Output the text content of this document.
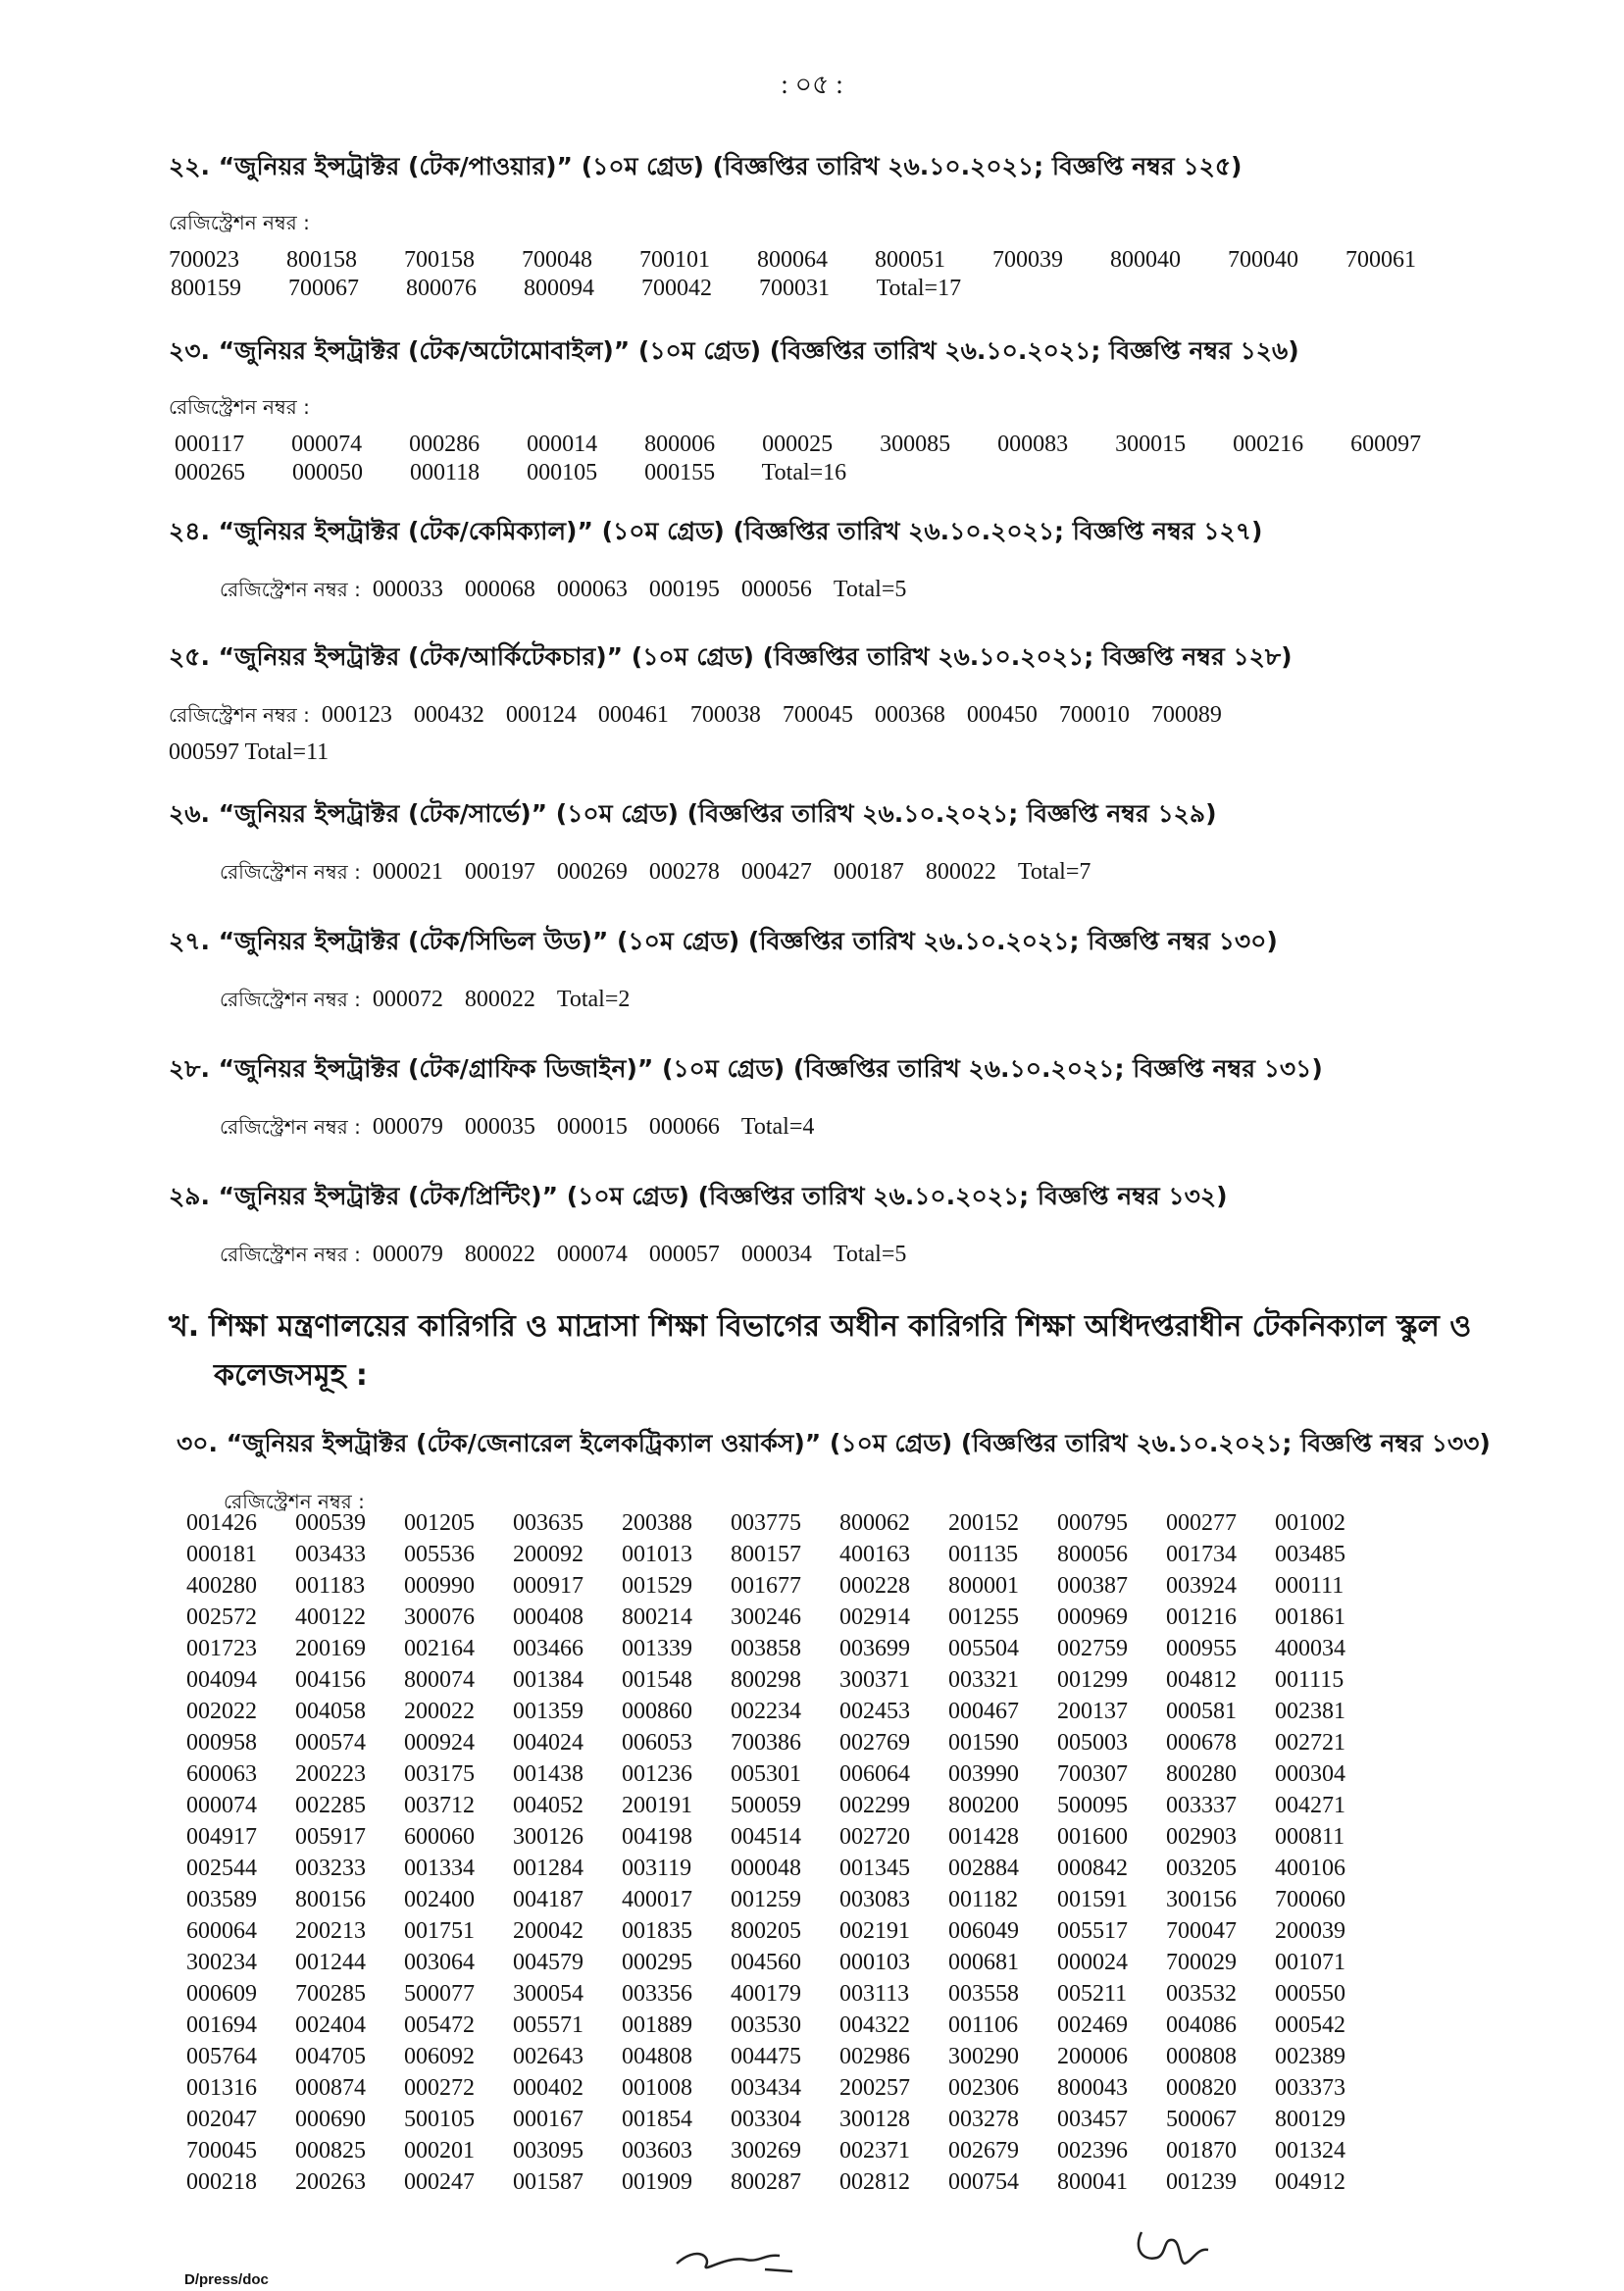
: ০৫ :
২২. “জুনিয়র ইন্সট্রাক্টর (টেক/পাওয়ার)” (১০ম গ্রেড) (বিজ্ঞপ্তির তারিখ ২৬.১০.২০২১; বিজ্ঞপ্তি নম্বর ১২৫)
রেজিস্ট্রেশন নম্বর :
700023  800158  700158  700048  700101  800064  800051  700039  800040  700040  700061
800159  700067  800076  800094  700042  700031  Total=17
২৩. “জুনিয়র ইন্সট্রাক্টর (টেক/অটোমোবাইল)” (১০ম গ্রেড) (বিজ্ঞপ্তির তারিখ ২৬.১০.২০২১; বিজ্ঞপ্তি নম্বর ১২৬)
রেজিস্ট্রেশন নম্বর :
000117  000074  000286  000014  800006  000025  300085  000083  300015  000216  600097
000265  000050  000118  000105  000155  Total=16
২৪. “জুনিয়র ইন্সট্রাক্টর (টেক/কেমিক্যাল)” (১০ম গ্রেড) (বিজ্ঞপ্তির তারিখ ২৬.১০.২০২১; বিজ্ঞপ্তি নম্বর ১২৭)
রেজিস্ট্রেশন নম্বর : 000033 000068 000063 000195 000056 Total=5
২৫. “জুনিয়র ইন্সট্রাক্টর (টেক/আর্কিটেকচার)” (১০ম গ্রেড) (বিজ্ঞপ্তির তারিখ ২৬.১০.২০২১; বিজ্ঞপ্তি নম্বর ১২৮)
রেজিস্ট্রেশন নম্বর : 000123 000432 000124 000461 700038 700045 000368 000450 700010 700089
000597 Total=11
২৬. “জুনিয়র ইন্সট্রাক্টর (টেক/সার্ভে)” (১০ম গ্রেড) (বিজ্ঞপ্তির তারিখ ২৬.১০.২০২১; বিজ্ঞপ্তি নম্বর ১২৯)
রেজিস্ট্রেশন নম্বর : 000021 000197 000269 000278 000427 000187 800022 Total=7
২৭. “জুনিয়র ইন্সট্রাক্টর (টেক/সিভিল উড)” (১০ম গ্রেড) (বিজ্ঞপ্তির তারিখ ২৬.১০.২০২১; বিজ্ঞপ্তি নম্বর ১৩০)
রেজিস্ট্রেশন নম্বর : 000072 800022 Total=2
২৮. “জুনিয়র ইন্সট্রাক্টর (টেক/গ্রাফিক ডিজাইন)” (১০ম গ্রেড) (বিজ্ঞপ্তির তারিখ ২৬.১০.২০২১; বিজ্ঞপ্তি নম্বর ১৩১)
রেজিস্ট্রেশন নম্বর : 000079 000035 000015 000066 Total=4
২৯. “জুনিয়র ইন্সট্রাক্টর (টেক/প্রিন্টিং)” (১০ম গ্রেড) (বিজ্ঞপ্তির তারিখ ২৬.১০.২০২১; বিজ্ঞপ্তি নম্বর ১৩২)
রেজিস্ট্রেশন নম্বর : 000079 800022 000074 000057 000034 Total=5
খ. শিক্ষা মন্ত্রণালয়ের কারিগরি ও মাদ্রাসা শিক্ষা বিভাগের অধীন কারিগরি শিক্ষা অধিদপ্তরাধীন টেকনিক্যাল স্কুল ও
কলেজসমূহ :
৩০. “জুনিয়র ইন্সট্রাক্টর (টেক/জেনারেল ইলেকট্রিক্যাল ওয়ার্কস)” (১০ম গ্রেড) (বিজ্ঞপ্তির তারিখ ২৬.১০.২০২১; বিজ্ঞপ্তি নম্বর ১৩৩)
রেজিস্ট্রেশন নম্বর :
001426	000539	001205	003635	200388	003775	800062	200152	000795	000277	001002
000181	003433	005536	200092	001013	800157	400163	001135	800056	001734	003485
400280	001183	000990	000917	001529	001677	000228	800001	000387	003924	000111
002572	400122	300076	000408	800214	300246	002914	001255	000969	001216	001861
001723	200169	002164	003466	001339	003858	003699	005504	002759	000955	400034
004094	004156	800074	001384	001548	800298	300371	003321	001299	004812	001115
002022	004058	200022	001359	000860	002234	002453	000467	200137	000581	002381
000958	000574	000924	004024	006053	700386	002769	001590	005003	000678	002721
600063	200223	003175	001438	001236	005301	006064	003990	700307	800280	000304
000074	002285	003712	004052	200191	500059	002299	800200	500095	003337	004271
004917	005917	600060	300126	004198	004514	002720	001428	001600	002903	000811
002544	003233	001334	001284	003119	000048	001345	002884	000842	003205	400106
003589	800156	002400	004187	400017	001259	003083	001182	001591	300156	700060
600064	200213	001751	200042	001835	800205	002191	006049	005517	700047	200039
300234	001244	003064	004579	000295	004560	000103	000681	000024	700029	001071
000609	700285	500077	300054	003356	400179	003113	003558	005211	003532	000550
001694	002404	005472	005571	001889	003530	004322	001106	002469	004086	000542
005764	004705	006092	002643	004808	004475	002986	300290	200006	000808	002389
001316	000874	000272	000402	001008	003434	200257	002306	800043	000820	003373
002047	000690	500105	000167	001854	003304	300128	003278	003457	500067	800129
700045	000825	000201	003095	003603	300269	002371	002679	002396	001870	001324
000218	200263	000247	001587	001909	800287	002812	000754	800041	001239	004912
D/press/doc
